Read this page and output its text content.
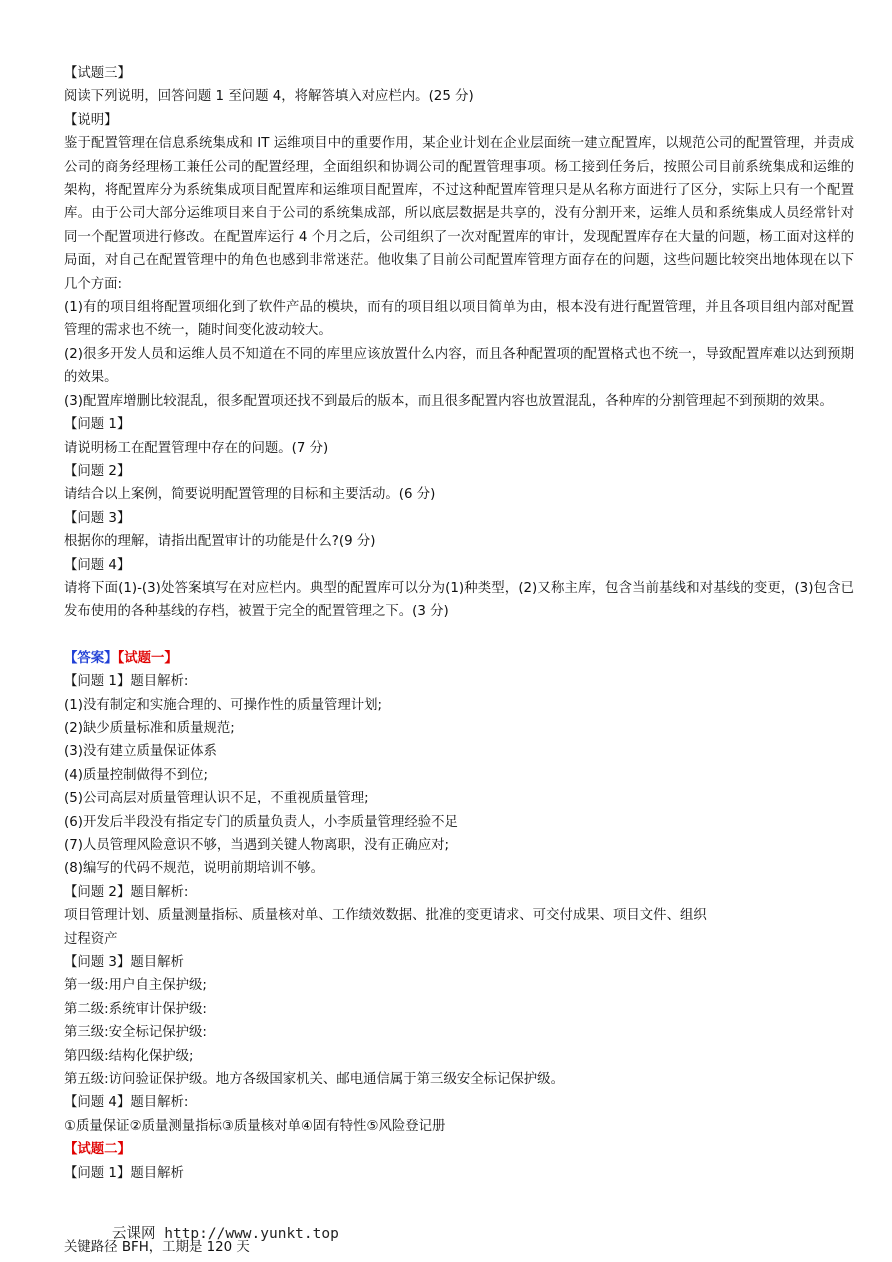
【试题三】

阅读下列说明，回答问题 1 至问题 4，将解答填入对应栏内。(25 分)

【说明】

鉴于配置管理在信息系统集成和 IT 运维项目中的重要作用，某企业计划在企业层面统一建立配置库，以规范公司的配置管理，并责成公司的商务经理杨工兼任公司的配置经理，全面组织和协调公司的配置管理事项。杨工接到任务后，按照公司目前系统集成和运维的架构，将配置库分为系统集成项目配置库和运维项目配置库，不过这种配置库管理只是从名称方面进行了区分，实际上只有一个配置库。由于公司大部分运维项目来自于公司的系统集成部，所以底层数据是共享的，没有分割开来，运维人员和系统集成人员经常针对同一个配置项进行修改。在配置库运行 4 个月之后，公司组织了一次对配置库的审计，发现配置库存在大量的问题，杨工面对这样的局面，对自己在配置管理中的角色也感到非常迷茫。他收集了目前公司配置库管理方面存在的问题，这些问题比较突出地体现在以下几个方面:

(1)有的项目组将配置项细化到了软件产品的模块，而有的项目组以项目简单为由，根本没有进行配置管理，并且各项目组内部对配置管理的需求也不统一，随时间变化波动较大。

(2)很多开发人员和运维人员不知道在不同的库里应该放置什么内容，而且各种配置项的配置格式也不统一，导致配置库难以达到预期的效果。

(3)配置库增删比较混乱，很多配置项还找不到最后的版本，而且很多配置内容也放置混乱，各种库的分割管理起不到预期的效果。

【问题 1】

请说明杨工在配置管理中存在的问题。(7 分)

【问题 2】

请结合以上案例，简要说明配置管理的目标和主要活动。(6 分)

【问题 3】

根据你的理解，请指出配置审计的功能是什么?(9 分)

【问题 4】

请将下面(1)-(3)处答案填写在对应栏内。典型的配置库可以分为(1)种类型，(2)又称主库，包含当前基线和对基线的变更，(3)包含已发布使用的各种基线的存档，被置于完全的配置管理之下。(3 分)

【答案】【试题一】

【问题 1】题目解析:

(1)没有制定和实施合理的、可操作性的质量管理计划;

(2)缺少质量标准和质量规范;

(3)没有建立质量保证体系

(4)质量控制做得不到位;

(5)公司高层对质量管理认识不足，不重视质量管理;

(6)开发后半段没有指定专门的质量负责人，小李质量管理经验不足

(7)人员管理风险意识不够，当遇到关键人物离职，没有正确应对;

(8)编写的代码不规范，说明前期培训不够。

【问题 2】题目解析:

项目管理计划、质量测量指标、质量核对单、工作绩效数据、批准的变更请求、可交付成果、项目文件、组织

过程资产

【问题 3】题目解析

第一级:用户自主保护级;

第二级:系统审计保护级:

第三级:安全标记保护级:

第四级:结构化保护级;

第五级:访问验证保护级。地方各级国家机关、邮电通信属于第三级安全标记保护级。

【问题 4】题目解析:

①质量保证②质量测量指标③质量核对单④固有特性⑤风险登记册

【试题二】

【问题 1】题目解析

关键路径 BFH，工期是 120 天
云课网 http://www.yunkt.top
